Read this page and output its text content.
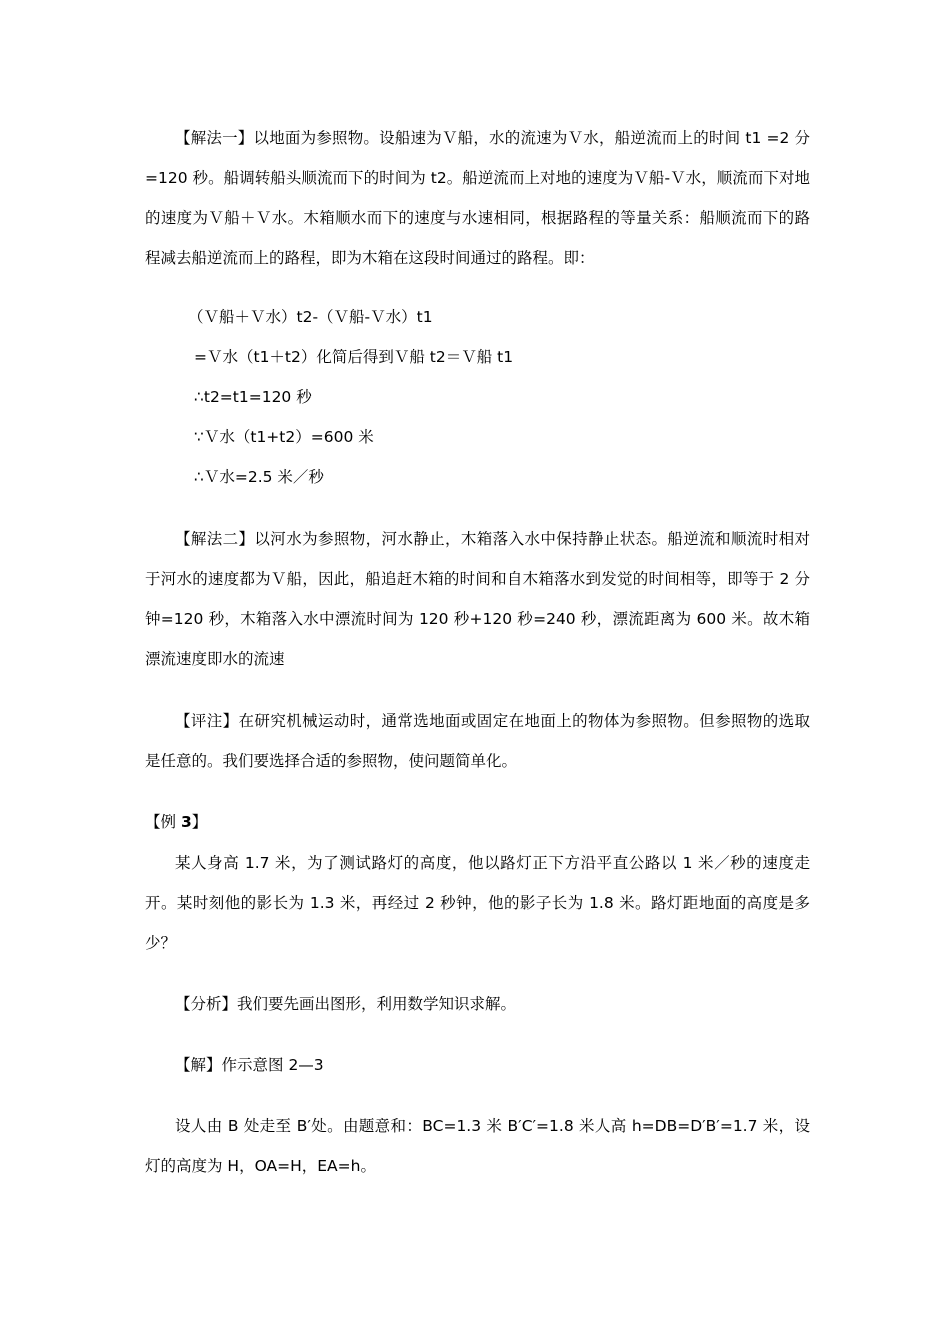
【解法一】以地面为参照物。设船速为Ｖ船，水的流速为Ｖ水，船逆流而上的时间 t1 =2 分=120 秒。船调转船头顺流而下的时间为 t2。船逆流而上对地的速度为Ｖ船-Ｖ水，顺流而下对地的速度为Ｖ船＋Ｖ水。木箱顺水而下的速度与水速相同，根据路程的等量关系：船顺流而下的路程减去船逆流而上的路程，即为木箱在这段时间通过的路程。即：

（Ｖ船＋Ｖ水）t2-（Ｖ船-Ｖ水）t1

=Ｖ水（t1＋t2）化简后得到Ｖ船 t2＝Ｖ船 t1

∴t2=t1=120 秒

∵Ｖ水（t1+t2）=600 米

∴Ｖ水=2.5 米／秒

【解法二】以河水为参照物，河水静止，木箱落入水中保持静止状态。船逆流和顺流时相对于河水的速度都为Ｖ船，因此，船追赶木箱的时间和自木箱落水到发觉的时间相等，即等于 2 分钟=120 秒，木箱落入水中漂流时间为 120 秒+120 秒=240 秒，漂流距离为 600 米。故木箱漂流速度即水的流速

【评注】在研究机械运动时，通常选地面或固定在地面上的物体为参照物。但参照物的选取是任意的。我们要选择合适的参照物，使问题简单化。

【例 3】

某人身高 1.7 米，为了测试路灯的高度，他以路灯正下方沿平直公路以 1 米／秒的速度走开。某时刻他的影长为 1.3 米，再经过 2 秒钟，他的影子长为 1.8 米。路灯距地面的高度是多少？

【分析】我们要先画出图形，利用数学知识求解。

【解】作示意图 2—3

设人由 B 处走至 B′处。由题意和：BC=1.3 米 B′C′=1.8 米人高 h=DB=D′B′=1.7 米，设灯的高度为 H，OA=H，EA=h。
